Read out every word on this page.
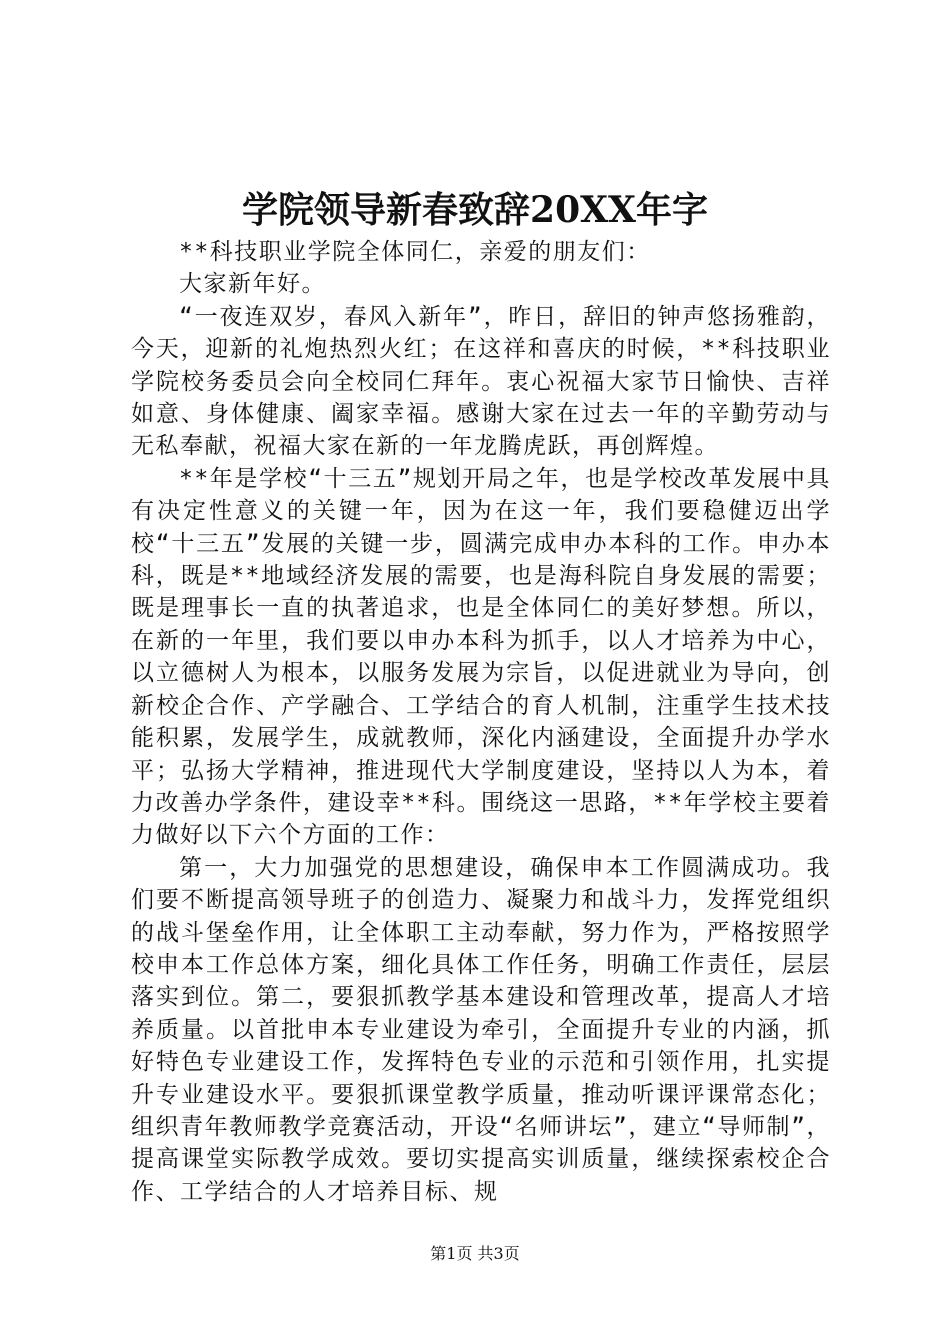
学院领导新春致辞20XX年字

**科技职业学院全体同仁，亲爱的朋友们：

大家新年好。

“一夜连双岁，春风入新年”，昨日，辞旧的钟声悠扬雅韵，今天，迎新的礼炮热烈火红；在这祥和喜庆的时候，**科技职业学院校务委员会向全校同仁拜年。衷心祝福大家节日愉快、吉祥如意、身体健康、阖家幸福。感谢大家在过去一年的辛勤劳动与无私奉献，祝福大家在新的一年龙腾虎跃，再创辉煌。

**年是学校“十三五”规划开局之年，也是学校改革发展中具有决定性意义的关键一年，因为在这一年，我们要稳健迈出学校“十三五”发展的关键一步，圆满完成申办本科的工作。申办本科，既是**地域经济发展的需要，也是海科院自身发展的需要；既是理事长一直的执著追求，也是全体同仁的美好梦想。所以，在新的一年里，我们要以申办本科为抓手，以人才培养为中心，以立德树人为根本，以服务发展为宗旨，以促进就业为导向，创新校企合作、产学融合、工学结合的育人机制，注重学生技术技能积累，发展学生，成就教师，深化内涵建设，全面提升办学水平；弘扬大学精神，推进现代大学制度建设，坚持以人为本，着力改善办学条件，建设幸**科。围绕这一思路，**年学校主要着力做好以下六个方面的工作：

第一，大力加强党的思想建设，确保申本工作圆满成功。我们要不断提高领导班子的创造力、凝聚力和战斗力，发挥党组织的战斗堡垒作用，让全体职工主动奉献，努力作为，严格按照学校申本工作总体方案，细化具体工作任务，明确工作责任，层层落实到位。第二，要狠抓教学基本建设和管理改革，提高人才培养质量。以首批申本专业建设为牵引，全面提升专业的内涵，抓好特色专业建设工作，发挥特色专业的示范和引领作用，扎实提升专业建设水平。要狠抓课堂教学质量，推动听课评课常态化；组织青年教师教学竞赛活动，开设“名师讲坛”，建立“导师制”，提高课堂实际教学成效。要切实提高实训质量，继续探索校企合作、工学结合的人才培养目标、规

第1页 共3页
